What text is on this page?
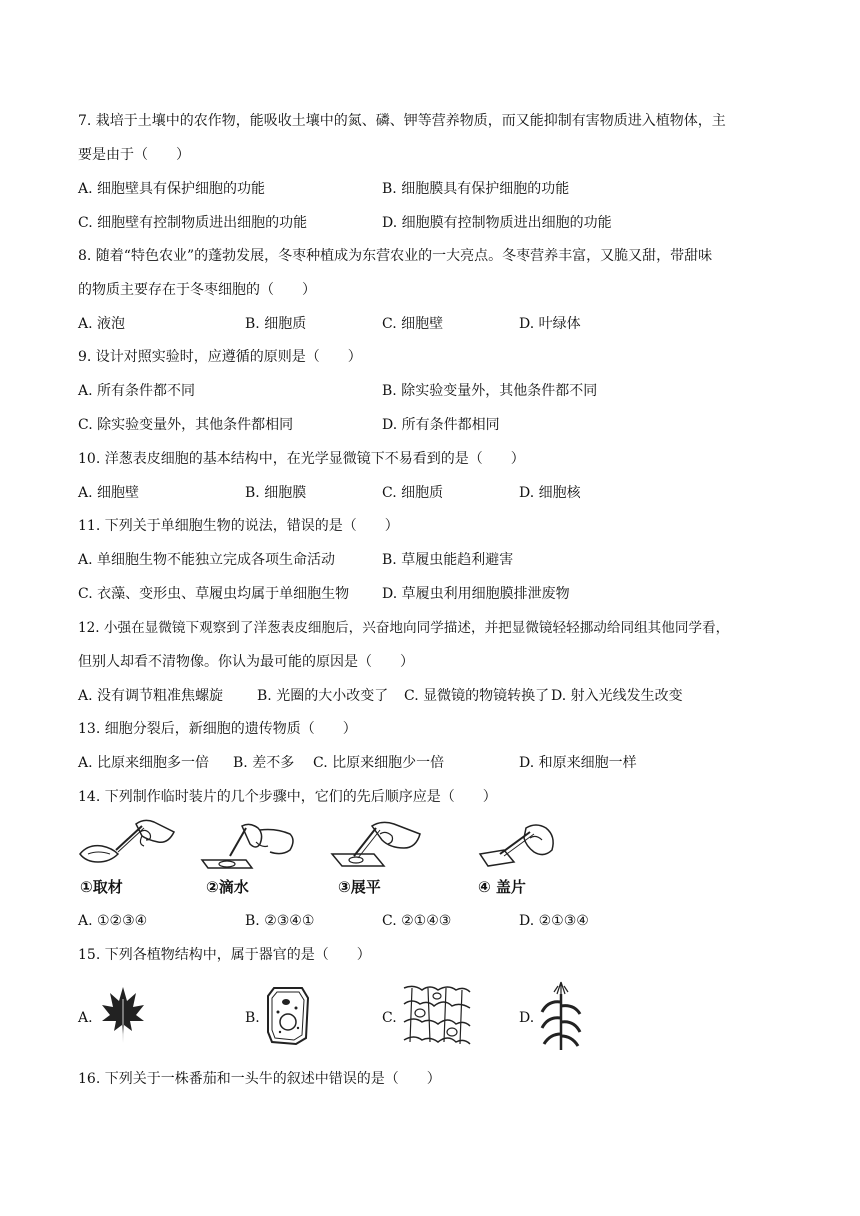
7. 栽培于土壤中的农作物，能吸收土壤中的氮、磷、钾等营养物质，而又能抑制有害物质进入植物体，主
要是由于（　　）
A. 细胞壁具有保护细胞的功能	B. 细胞膜具有保护细胞的功能
C. 细胞壁有控制物质进出细胞的功能	D. 细胞膜有控制物质进出细胞的功能
8. 随着“特色农业”的蓬勃发展，冬枣种植成为东营农业的一大亮点。冬枣营养丰富，又脆又甜，带甜味
的物质主要存在于冬枣细胞的（　　）
A. 液泡	B. 细胞质	C. 细胞壁	D. 叶绿体
9. 设计对照实验时，应遵循的原则是（　　）
A. 所有条件都不同	B. 除实验变量外，其他条件都不同
C. 除实验变量外，其他条件都相同	D. 所有条件都相同
10. 洋葱表皮细胞的基本结构中，在光学显微镜下不易看到的是（　　）
A. 细胞壁	B. 细胞膜	C. 细胞质	D. 细胞核
11. 下列关于单细胞生物的说法，错误的是（　　）
A. 单细胞生物不能独立完成各项生命活动	B. 草履虫能趋利避害
C. 衣藻、变形虫、草履虫均属于单细胞生物 D. 草履虫利用细胞膜排泄废物
12. 小强在显微镜下观察到了洋葱表皮细胞后，兴奋地向同学描述，并把显微镜轻轻挪动给同组其他同学看，
但别人却看不清物像。你认为最可能的原因是（　　）
A. 没有调节粗准焦螺旋 B. 光圈的大小改变了 C. 显微镜的物镜转换了 D. 射入光线发生改变
13. 细胞分裂后，新细胞的遗传物质（　　）
A. 比原来细胞多一倍 B. 差不多 C. 比原来细胞少一倍	D. 和原来细胞一样
14. 下列制作临时装片的几个步骤中，它们的先后顺序应是（　　）
①取材	②滴水	③展平	④ 盖片
A. ①②③④	B. ②③④①	C. ②①④③	D. ②①③④
15. 下列各植物结构中，属于器官的是（　　）
A.	B.	C.	D.
16. 下列关于一株番茄和一头牛的叙述中错误的是（　　）
